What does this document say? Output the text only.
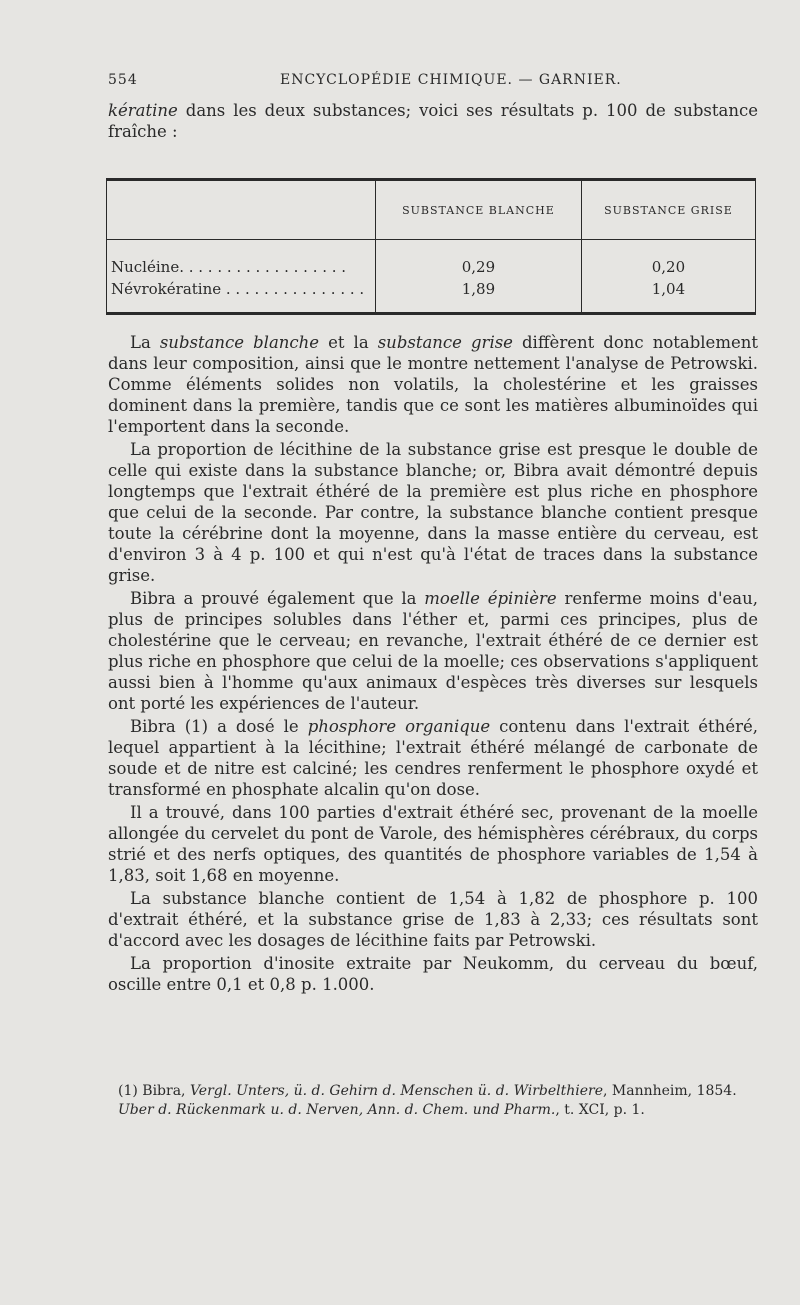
554	ENCYCLOPÉDIE CHIMIQUE. — GARNIER.

kératine dans les deux substances; voici ses résultats p. 100 de substance fraîche :

	SUBSTANCE BLANCHE	SUBSTANCE GRISE
Nucléine. . . . . . . . . . . . . . . . . .	0,29	0,20
Névrokératine . . . . . . . . . . . . . . .	1,89	1,04

La substance blanche et la substance grise diffèrent donc notablement dans leur composition, ainsi que le montre nettement l'analyse de Petrowski. Comme éléments solides non volatils, la cholestérine et les graisses dominent dans la première, tandis que ce sont les matières albuminoïdes qui l'emportent dans la seconde.

La proportion de lécithine de la substance grise est presque le double de celle qui existe dans la substance blanche; or, Bibra avait démontré depuis longtemps que l'extrait éthéré de la première est plus riche en phosphore que celui de la seconde. Par contre, la substance blanche contient presque toute la cérébrine dont la moyenne, dans la masse entière du cerveau, est d'environ 3 à 4 p. 100 et qui n'est qu'à l'état de traces dans la substance grise.

Bibra a prouvé également que la moelle épinière renferme moins d'eau, plus de principes solubles dans l'éther et, parmi ces principes, plus de cholestérine que le cerveau; en revanche, l'extrait éthéré de ce dernier est plus riche en phosphore que celui de la moelle; ces observations s'appliquent aussi bien à l'homme qu'aux animaux d'espèces très diverses sur lesquels ont porté les expériences de l'auteur.

Bibra (1) a dosé le phosphore organique contenu dans l'extrait éthéré, lequel appartient à la lécithine; l'extrait éthéré mélangé de carbonate de soude et de nitre est calciné; les cendres renferment le phosphore oxydé et transformé en phosphate alcalin qu'on dose.

Il a trouvé, dans 100 parties d'extrait éthéré sec, provenant de la moelle allongée du cervelet du pont de Varole, des hémisphères cérébraux, du corps strié et des nerfs optiques, des quantités de phosphore variables de 1,54 à 1,83, soit 1,68 en moyenne.

La substance blanche contient de 1,54 à 1,82 de phosphore p. 100 d'extrait éthéré, et la substance grise de 1,83 à 2,33; ces résultats sont d'accord avec les dosages de lécithine faits par Petrowski.

La proportion d'inosite extraite par Neukomm, du cerveau du bœuf, oscille entre 0,1 et 0,8 p. 1.000.

(1) Bibra, Vergl. Unters, ü. d. Gehirn d. Menschen ü. d. Wirbelthiere, Mannheim, 1854. Uber d. Rückenmark u. d. Nerven, Ann. d. Chem. und Pharm., t. XCI, p. 1.
